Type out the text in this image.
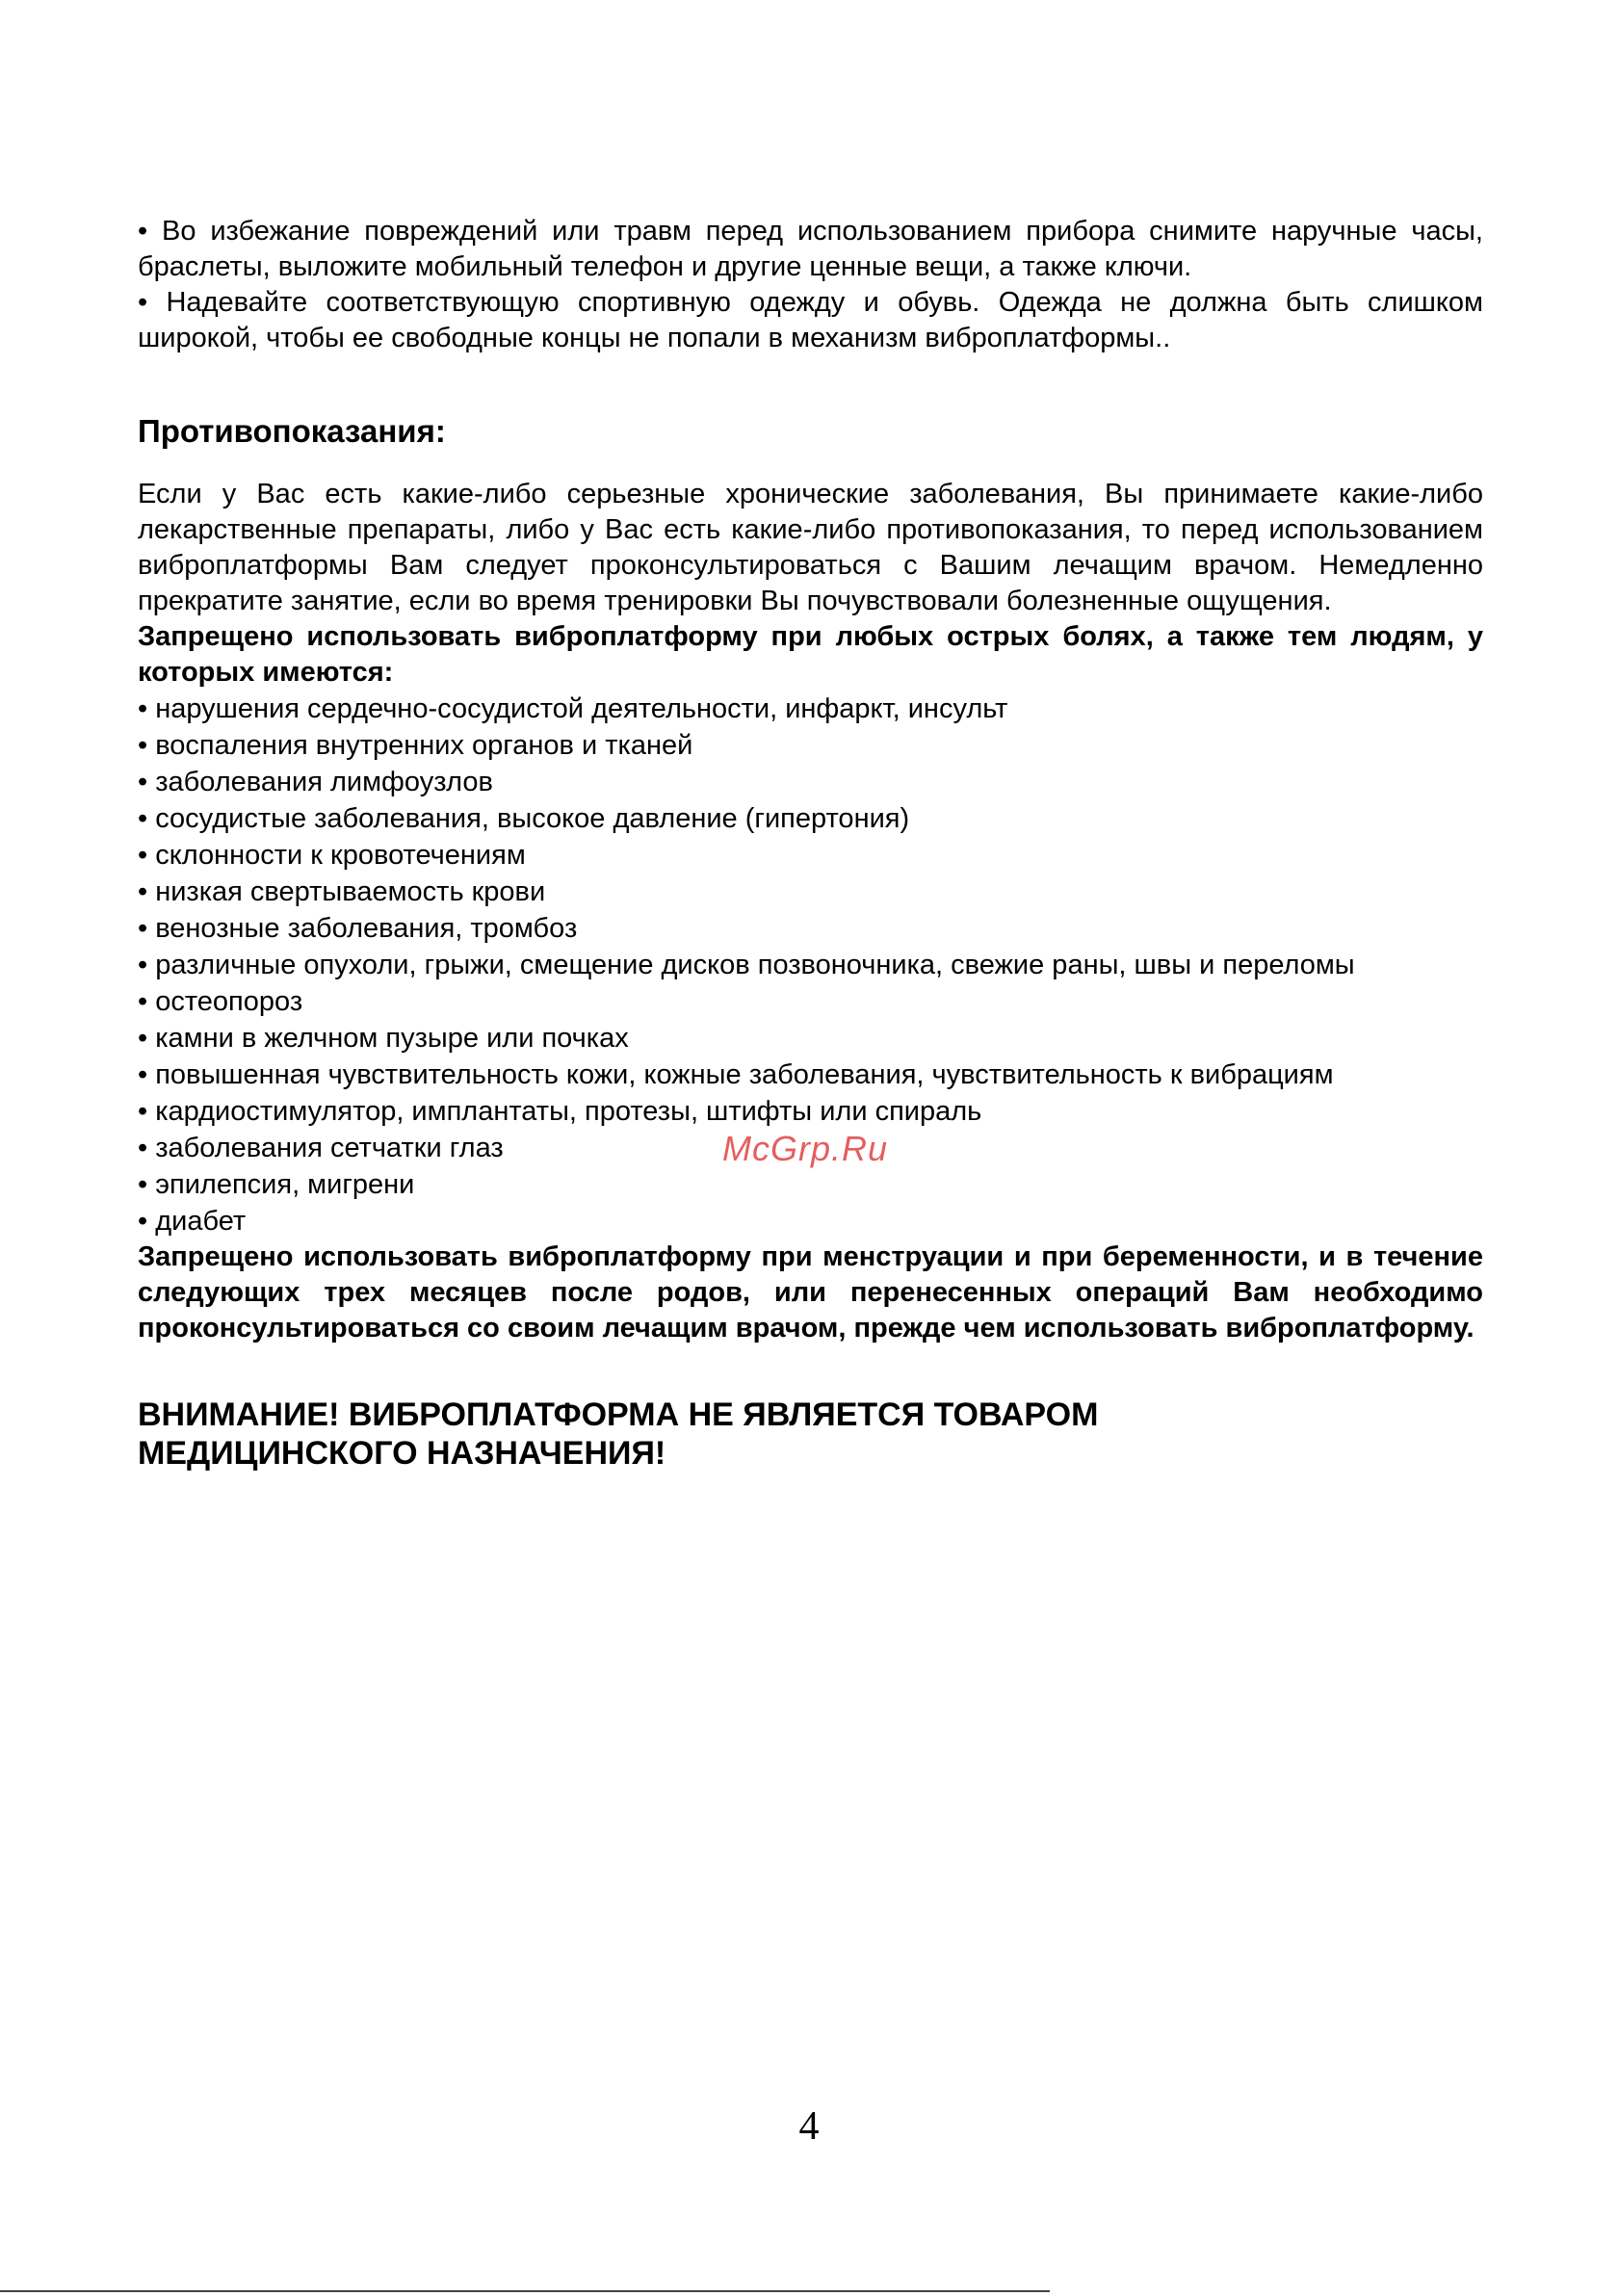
• Во избежание повреждений или травм перед использованием прибора снимите наручные часы, браслеты, выложите мобильный телефон и другие ценные вещи, а также ключи.

• Надевайте соответствующую спортивную одежду и обувь. Одежда не должна быть слишком широкой, чтобы ее свободные концы не попали в механизм виброплатформы..

Противопоказания:

Если у Вас есть какие-либо серьезные хронические заболевания, Вы принимаете какие-либо лекарственные препараты, либо у Вас есть какие-либо противопоказания, то перед использованием виброплатформы Вам следует проконсультироваться с Вашим лечащим врачом. Немедленно прекратите занятие, если во время тренировки Вы почувствовали болезненные ощущения.

Запрещено использовать виброплатформу при любых острых болях, а также тем людям, у которых имеются:

• нарушения сердечно-сосудистой деятельности, инфаркт, инсульт
• воспаления внутренних органов и тканей
• заболевания лимфоузлов
• сосудистые заболевания, высокое давление (гипертония)
• склонности к кровотечениям
• низкая свертываемость крови
• венозные заболевания, тромбоз
• различные опухоли, грыжи, смещение дисков позвоночника, свежие раны, швы и переломы
• остеопороз
• камни в желчном пузыре или почках
• повышенная чувствительность кожи, кожные заболевания, чувствительность к вибрациям
• кардиостимулятор, имплантаты, протезы, штифты или спираль
• заболевания сетчатки глаз
• эпилепсия, мигрени
• диабет

Запрещено использовать виброплатформу при менструации и при беременности, и в течение следующих трех месяцев после родов, или перенесенных операций Вам необходимо проконсультироваться со своим лечащим врачом, прежде чем использовать виброплатформу.

ВНИМАНИЕ! ВИБРОПЛАТФОРМА НЕ ЯВЛЯЕТСЯ ТОВАРОМ МЕДИЦИНСКОГО НАЗНАЧЕНИЯ!
McGrp.Ru
4
